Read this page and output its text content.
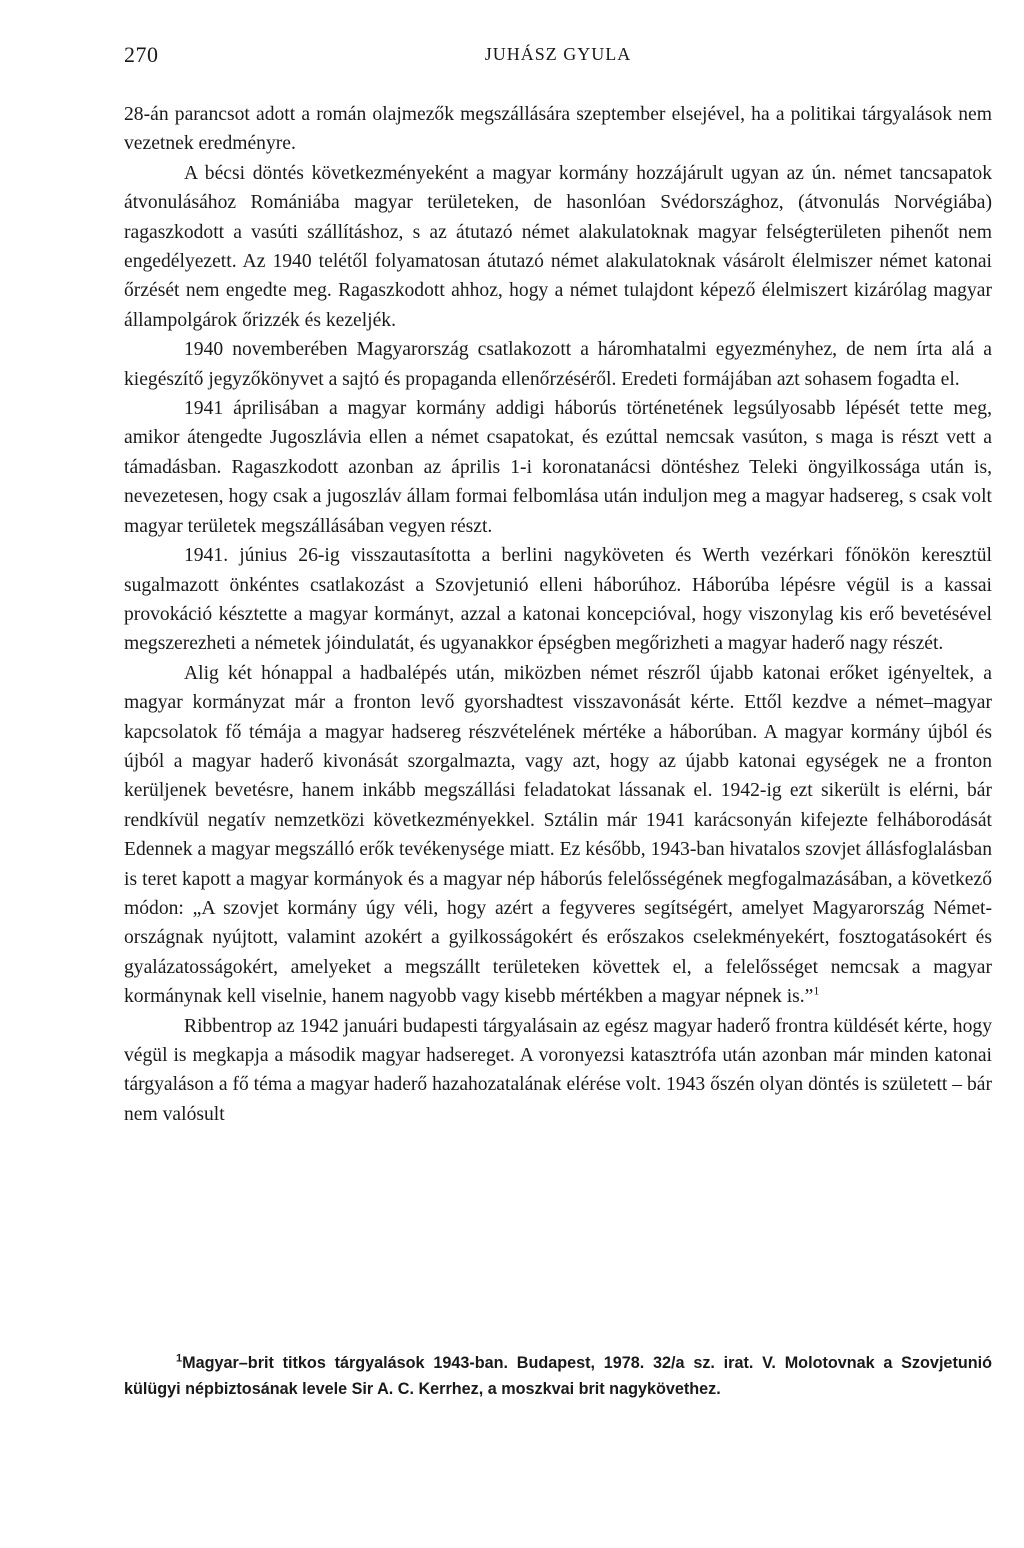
270	JUHÁSZ GYULA

28-án parancsot adott a román olajmezők megszállására szeptember elsejével, ha a politikai tárgyalások nem vezetnek eredményre.

A bécsi döntés következményeként a magyar kormány hozzájárult ugyan az ún. német tancsapatok átvonulásához Romániába magyar területeken, de hasonlóan Svédországhoz, (átvonulás Norvégiába) ragaszkodott a vasúti szállításhoz, s az átutazó német alakulatoknak magyar felségterületen pihenőt nem engedélyezett. Az 1940 telétől folyamatosan átutazó német alakulatoknak vásárolt élelmiszer német katonai őrzését nem engedte meg. Ragaszkodott ahhoz, hogy a német tulajdont képező élelmiszert kizárólag magyar állampolgárok őrizzék és kezeljék.

1940 novemberében Magyarország csatlakozott a háromhatalmi egyezményhez, de nem írta alá a kiegészítő jegyzőkönyvet a sajtó és propaganda ellenőrzéséről. Eredeti formájában azt sohasem fogadta el.

1941 áprilisában a magyar kormány addigi háborús történetének legsúlyosabb lépését tette meg, amikor átengedte Jugoszlávia ellen a német csapatokat, és ezúttal nemcsak vasúton, s maga is részt vett a támadásban. Ragaszkodott azonban az április 1-i koronatanácsi döntéshez Teleki öngyilkossága után is, nevezetesen, hogy csak a jugoszláv állam formai felbomlása után induljon meg a magyar hadsereg, s csak volt magyar területek megszállásában vegyen részt.

1941. június 26-ig visszautasította a berlini nagyköveten és Werth vezérkari főnökön keresztül sugalmazott önkéntes csatlakozást a Szovjetunió elleni háborúhoz. Háborúba lépésre végül is a kassai provokáció késztette a magyar kormányt, azzal a katonai koncepcióval, hogy viszonylag kis erő bevetésével megszerezheti a németek jóindulatát, és ugyanakkor épségben megőrizheti a magyar haderő nagy részét.

Alig két hónappal a hadbalépés után, miközben német részről újabb katonai erőket igényeltek, a magyar kormányzat már a fronton levő gyorshadtest visszavonását kérte. Ettől kezdve a német–magyar kapcsolatok fő témája a magyar hadsereg részvételének mértéke a háborúban. A magyar kormány újból és újból a magyar haderő kivonását szorgalmazta, vagy azt, hogy az újabb katonai egységek ne a fronton kerüljenek bevetésre, hanem inkább megszállási feladatokat lássanak el. 1942-ig ezt sikerült is elérni, bár rendkívül negatív nemzetközi következményekkel. Sztálin már 1941 karácsonyán kifejezte felháborodását Edennek a magyar megszálló erők tevékenysége miatt. Ez később, 1943-ban hivatalos szovjet állásfoglalásban is teret kapott a magyar kormányok és a magyar nép háborús felelősségének megfogalmazásában, a következő módon: „A szovjet kormány úgy véli, hogy azért a fegyveres segítségért, amelyet Magyarország Németországnak nyújtott, valamint azokért a gyilkosságokért és erőszakos cselekményekért, fosztogatásokért és gyalázatosságokért, amelyeket a megszállt területeken követtek el, a felelősséget nemcsak a magyar kormánynak kell viselnie, hanem nagyobb vagy kisebb mértékben a magyar népnek is.”$^1$

Ribbentrop az 1942 januári budapesti tárgyalásain az egész magyar haderő frontra küldését kérte, hogy végül is megkapja a második magyar hadsereget. A voronyezsi katasztrófa után azonban már minden katonai tárgyaláson a fő téma a magyar haderő hazahozatalának elérése volt. 1943 őszén olyan döntés is született – bár nem valósult

$^1$Magyar–brit titkos tárgyalások 1943-ban. Budapest, 1978. 32/a sz. irat. V. Molotovnak a Szovjetunió külügyi népbiztosának levele Sir A. C. Kerrhez, a moszkvai brit nagykövethez.
